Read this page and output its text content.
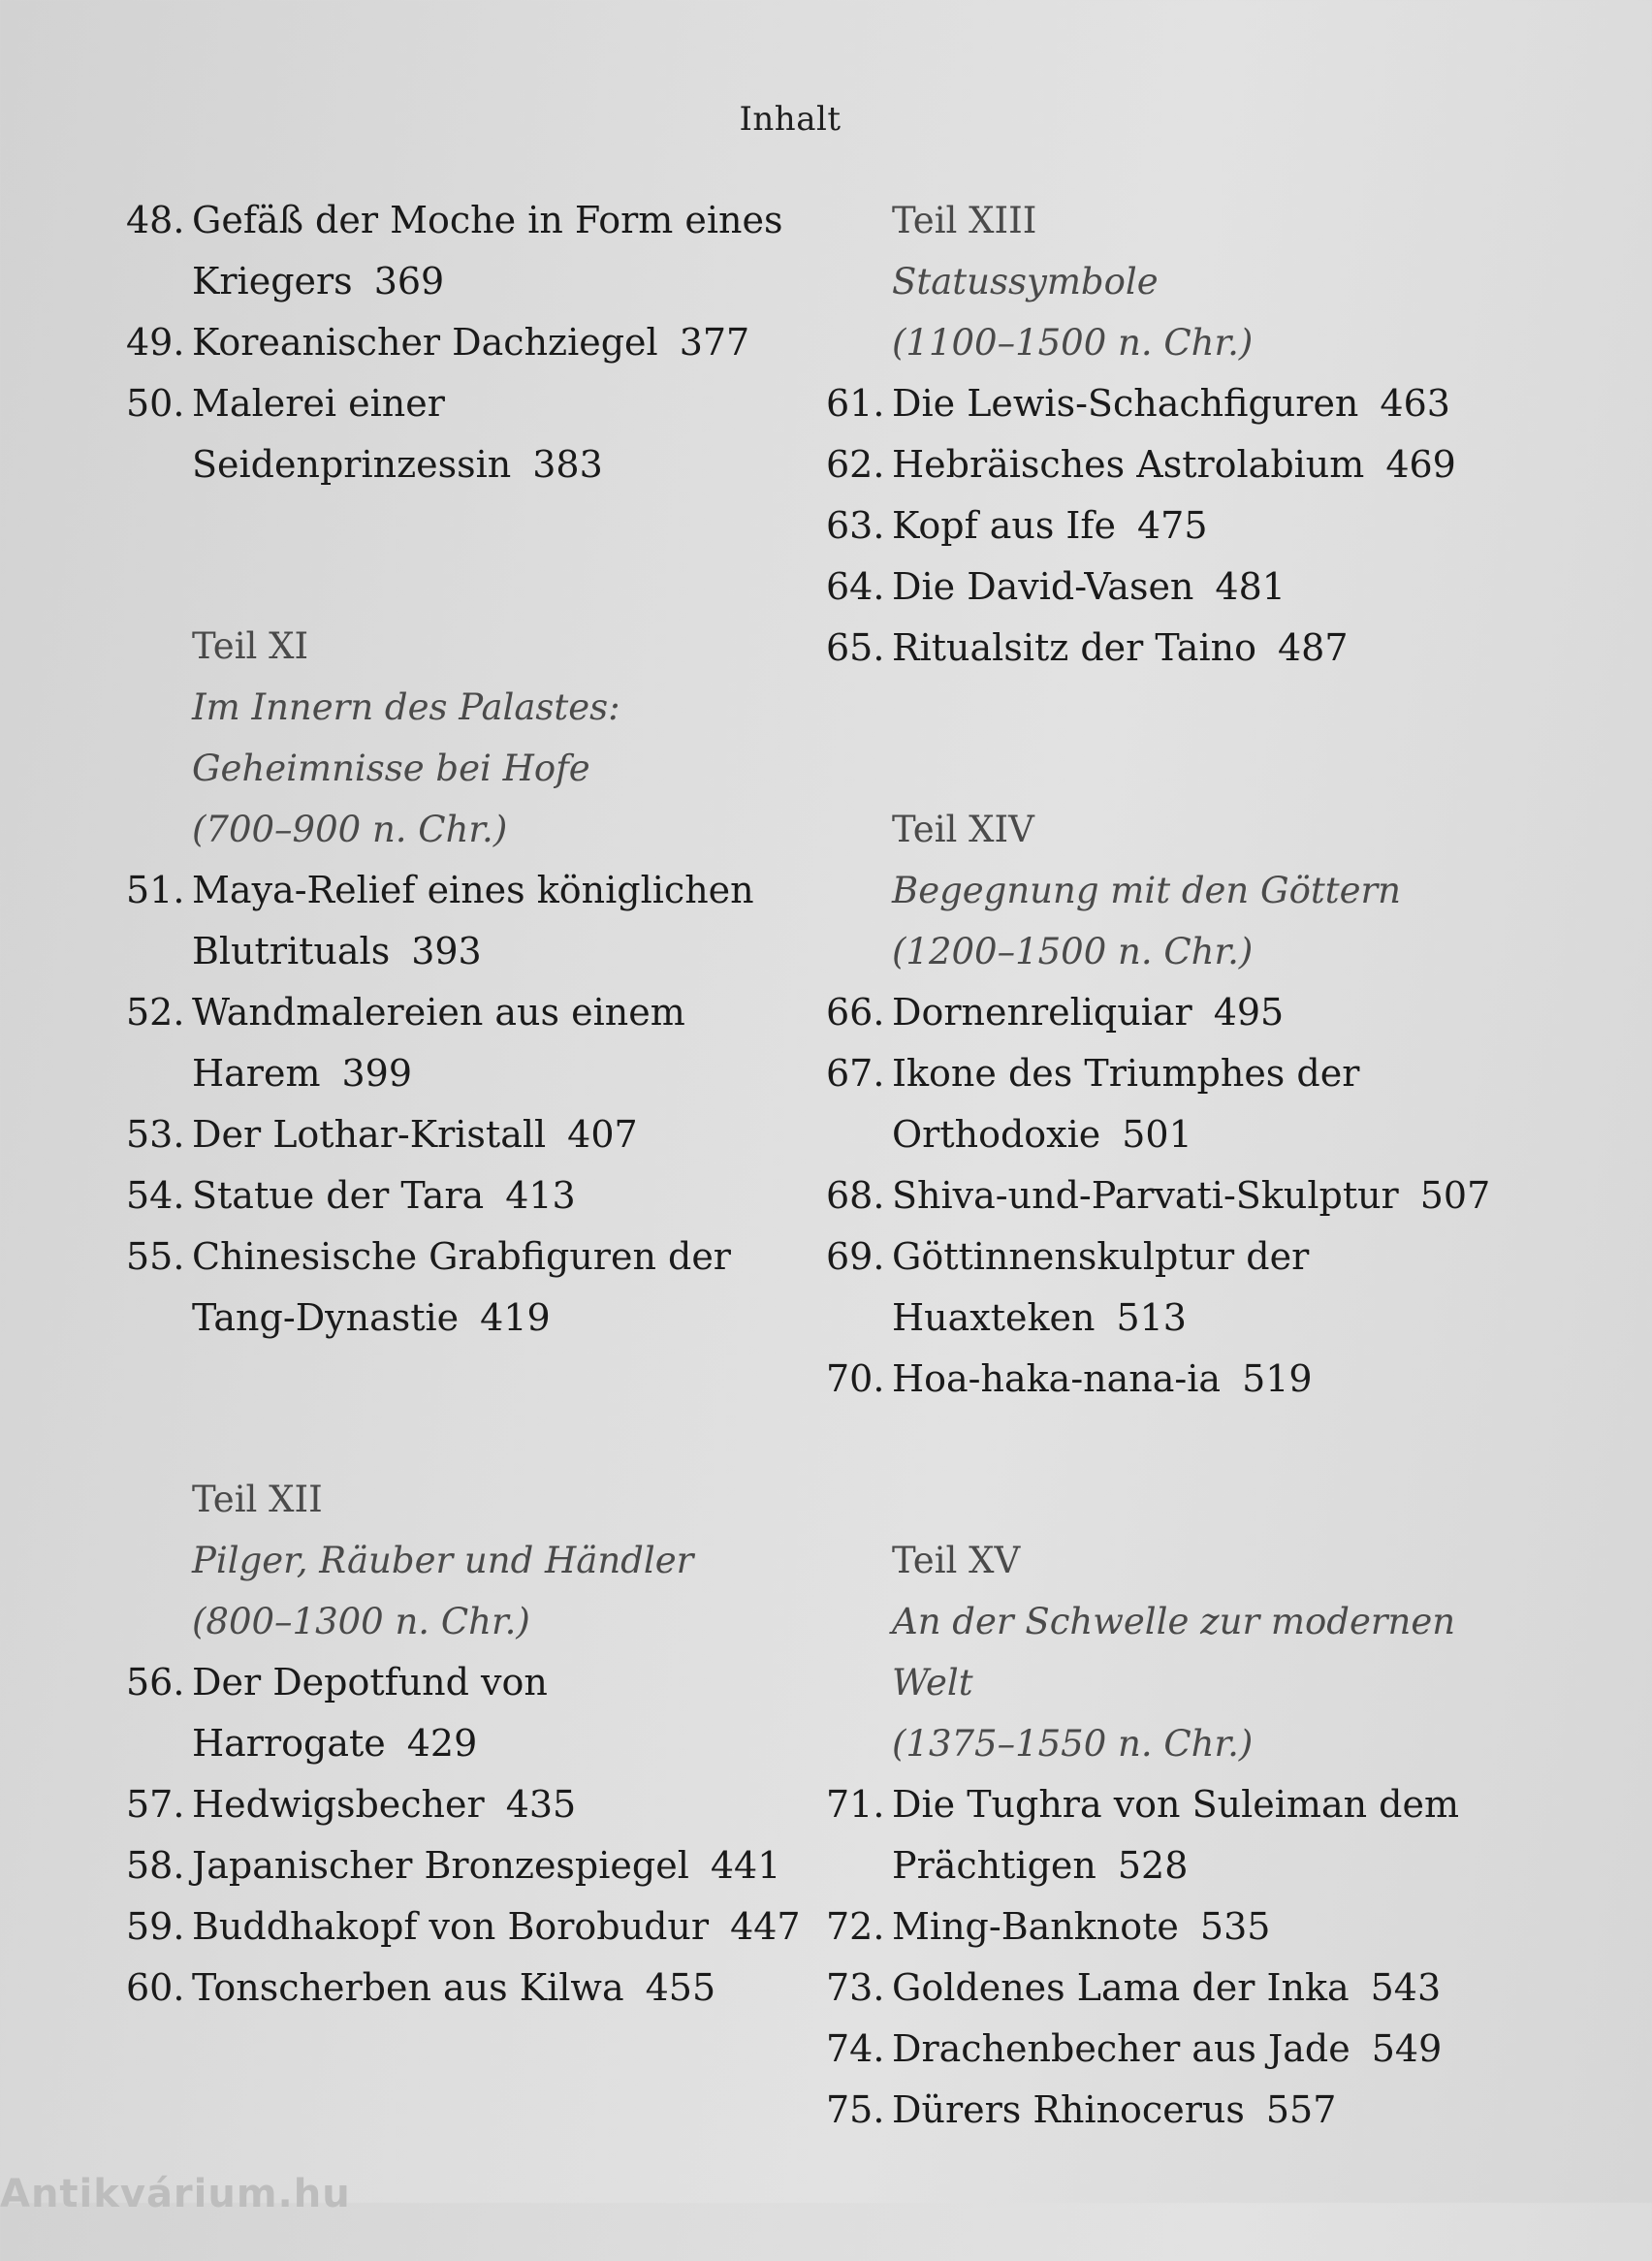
Inhalt
48. Gefäß der Moche in Form eines
Kriegers 369
49. Koreanischer Dachziegel 377
50. Malerei einer
Seidenprinzessin 383
Teil XI
Im Innern des Palastes:
Geheimnisse bei Hofe
(700–900 n. Chr.)
51. Maya-Relief eines königlichen
Blutrituals 393
52. Wandmalereien aus einem
Harem 399
53. Der Lothar-Kristall 407
54. Statue der Tara 413
55. Chinesische Grabfiguren der
Tang-Dynastie 419
Teil XII
Pilger, Räuber und Händler
(800–1300 n. Chr.)
56. Der Depotfund von
Harrogate 429
57. Hedwigsbecher 435
58. Japanischer Bronzespiegel 441
59. Buddhakopf von Borobudur 447
60. Tonscherben aus Kilwa 455
Teil XIII
Statussymbole
(1100–1500 n. Chr.)
61. Die Lewis-Schachfiguren 463
62. Hebräisches Astrolabium 469
63. Kopf aus Ife 475
64. Die David-Vasen 481
65. Ritualsitz der Taino 487
Teil XIV
Begegnung mit den Göttern
(1200–1500 n. Chr.)
66. Dornenreliquiar 495
67. Ikone des Triumphes der
Orthodoxie 501
68. Shiva-und-Parvati-Skulptur 507
69. Göttinnenskulptur der
Huaxteken 513
70. Hoa-haka-nana-ia 519
Teil XV
An der Schwelle zur modernen Welt
(1375–1550 n. Chr.)
71. Die Tughra von Suleiman dem
Prächtigen 528
72. Ming-Banknote 535
73. Goldenes Lama der Inka 543
74. Drachenbecher aus Jade 549
75. Dürers Rhinocerus 557
Antikvárium.hu
